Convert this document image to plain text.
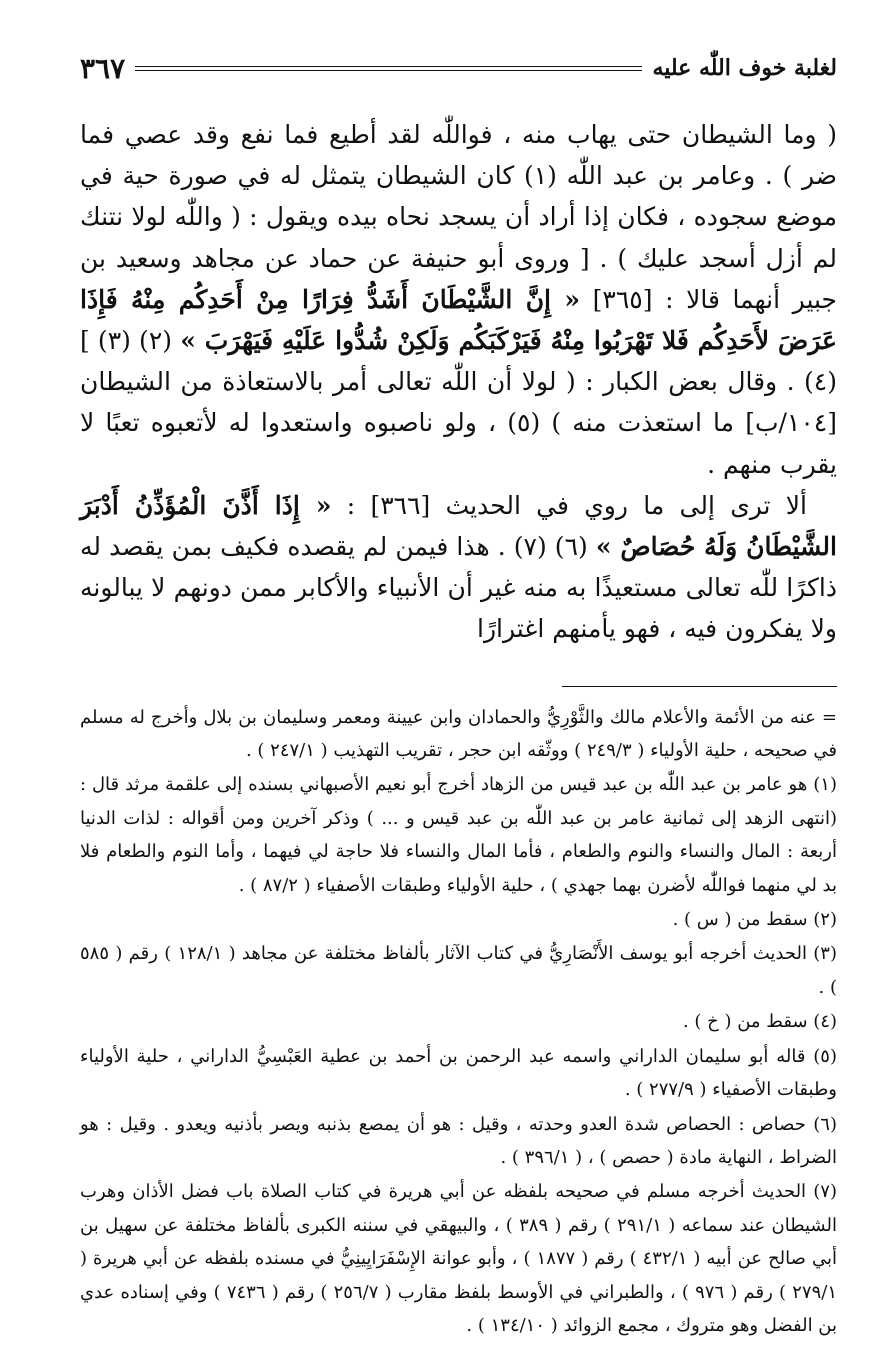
لغلبة خوف اللّٰه عليه
٣٦٧

( وما الشيطان حتى يهاب منه ، فواللّٰه لقد أطيع فما نفع وقد عصي فما ضر ) . وعامر بن عبد اللّٰه (١) كان الشيطان يتمثل له في صورة حية في موضع سجوده ، فكان إذا أراد أن يسجد نحاه بيده ويقول : ( واللّٰه لولا نتنك لم أزل أسجد عليك ) . [ وروى أبو حنيفة عن حماد عن مجاهد وسعيد بن جبير أنهما قالا : [٣٦٥] « إِنَّ الشَّيْطَانَ أَشَدُّ فِرَارًا مِنْ أَحَدِكُم مِنْهُ فَإِذَا عَرَضَ لأَحَدِكُم فَلا تَهْرَبُوا مِنْهُ فَيَرْكَبَكُم وَلَكِنْ شُدُّوا عَلَيْهِ فَيَهْرَبَ » (٢) (٣) ] (٤) . وقال بعض الكبار : ( لولا أن اللّٰه تعالى أمر بالاستعاذة من الشيطان [١٠٤/ب] ما استعذت منه ) (٥) ، ولو ناصبوه واستعدوا له لأتعبوه تعبًا لا يقرب منهم .

ألا ترى إلى ما روي في الحديث [٣٦٦] : « إِذَا أَذَّنَ الْمُؤَذِّنُ أَدْبَرَ الشَّيْطَانُ وَلَهُ حُصَاصٌ » (٦) (٧) . هذا فيمن لم يقصده فكيف بمن يقصد له ذاكرًا للّٰه تعالى مستعيذًا به منه غير أن الأنبياء والأكابر ممن دونهم لا يبالونه ولا يفكرون فيه ، فهو يأمنهم اغترارًا

= عنه من الأئمة والأعلام مالك والثَّوْرِيُّ والحمادان وابن عيينة ومعمر وسليمان بن بلال وأخرج له مسلم في صحيحه ، حلية الأولياء ( ٢٤٩/٣ ) ووثّقه ابن حجر ، تقريب التهذيب ( ٢٤٧/١ ) .

(١) هو عامر بن عبد اللّٰه بن عبد قيس من الزهاد أخرج أبو نعيم الأصبهاني بسنده إلى علقمة مرثد قال : (انتهى الزهد إلى ثمانية عامر بن عبد اللّٰه بن عبد قيس و ... ) وذكر آخرين ومن أقواله : لذات الدنيا أربعة : المال والنساء والنوم والطعام ، فأما المال والنساء فلا حاجة لي فيهما ، وأما النوم والطعام فلا بد لي منهما فواللّٰه لأضرن بهما جهدي ) ، حلية الأولياء وطبقات الأصفياء ( ٨٧/٢ ) .

(٢) سقط من ( س ) .

(٣) الحديث أخرجه أبو يوسف الأَنْصَارِيُّ في كتاب الآثار بألفاظ مختلفة عن مجاهد ( ١٢٨/١ ) رقم ( ٥٨٥ ) .

(٤) سقط من ( خ ) .

(٥) قاله أبو سليمان الداراني واسمه عبد الرحمن بن أحمد بن عطية العَبْسِيُّ الداراني ، حلية الأولياء وطبقات الأصفياء ( ٢٧٧/٩ ) .

(٦) حصاص : الحصاص شدة العدو وحدته ، وقيل : هو أن يمصع بذنبه ويصر بأذنيه ويعدو . وقيل : هو الضراط ، النهاية مادة ( حصص ) ، ( ٣٩٦/١ ) .

(٧) الحديث أخرجه مسلم في صحيحه بلفظه عن أبي هريرة في كتاب الصلاة باب فضل الأذان وهرب الشيطان عند سماعه ( ٢٩١/١ ) رقم ( ٣٨٩ ) ، والبيهقي في سننه الكبرى بألفاظ مختلفة عن سهيل بن أبي صالح عن أبيه ( ٤٣٢/١ ) رقم ( ١٨٧٧ ) ، وأبو عوانة الإِسْفَرَايِينِيُّ في مسنده بلفظه عن أبي هريرة ( ٢٧٩/١ ) رقم ( ٩٧٦ ) ، والطبراني في الأوسط بلفظ مقارب ( ٢٥٦/٧ ) رقم ( ٧٤٣٦ ) وفي إسناده عدي بن الفضل وهو متروك ، مجمع الزوائد ( ١٣٤/١٠ ) .
